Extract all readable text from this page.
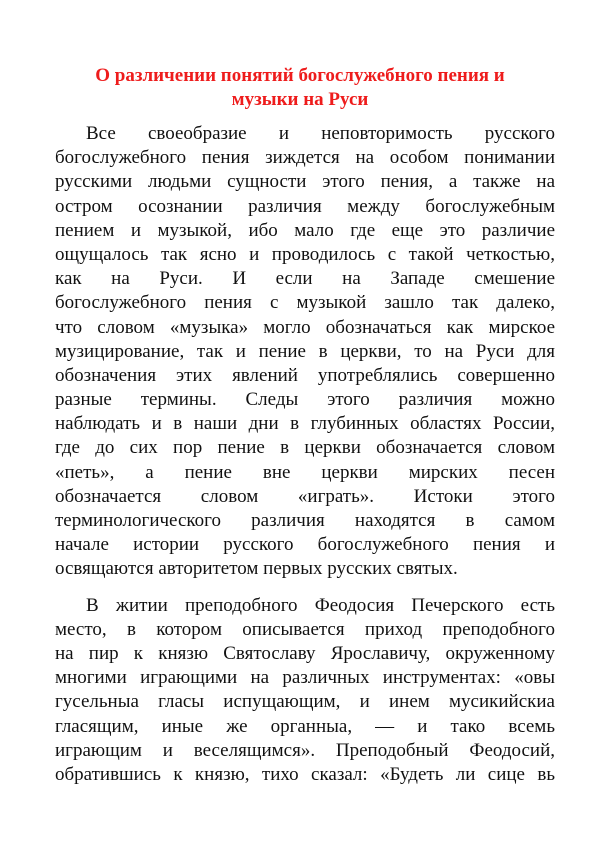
О различении понятий богослужебного пения и
музыки на Руси
Все своеобразие и неповторимость русского
богослужебного пения зиждется на особом понимании
русскими людьми сущности этого пения, а также на
остром осознании различия между богослужебным
пением и музыкой, ибо мало где еще это различие
ощущалось так ясно и проводилось с такой четкостью,
как на Руси. И если на Западе смешение
богослужебного пения с музыкой зашло так далеко,
что словом «музыка» могло обозначаться как мирское
музицирование, так и пение в церкви, то на Руси для
обозначения этих явлений употреблялись совершенно
разные термины. Следы этого различия можно
наблюдать и в наши дни в глубинных областях России,
где до сих пор пение в церкви обозначается словом
«петь», а пение вне церкви мирских песен
обозначается словом «играть». Истоки этого
терминологического различия находятся в самом
начале истории русского богослужебного пения и
освящаются авторитетом первых русских святых.
В житии преподобного Феодосия Печерского есть
место, в котором описывается приход преподобного
на пир к князю Святославу Ярославичу, окруженному
многими играющими на различных инструментах: «овы
гусельныа гласы испущающим, и инем мусикийскиа
гласящим, иные же органныа, — и тако всемь
играющим и веселящимся». Преподобный Феодосий,
обратившись к князю, тихо сказал: «Будеть ли сице вь
